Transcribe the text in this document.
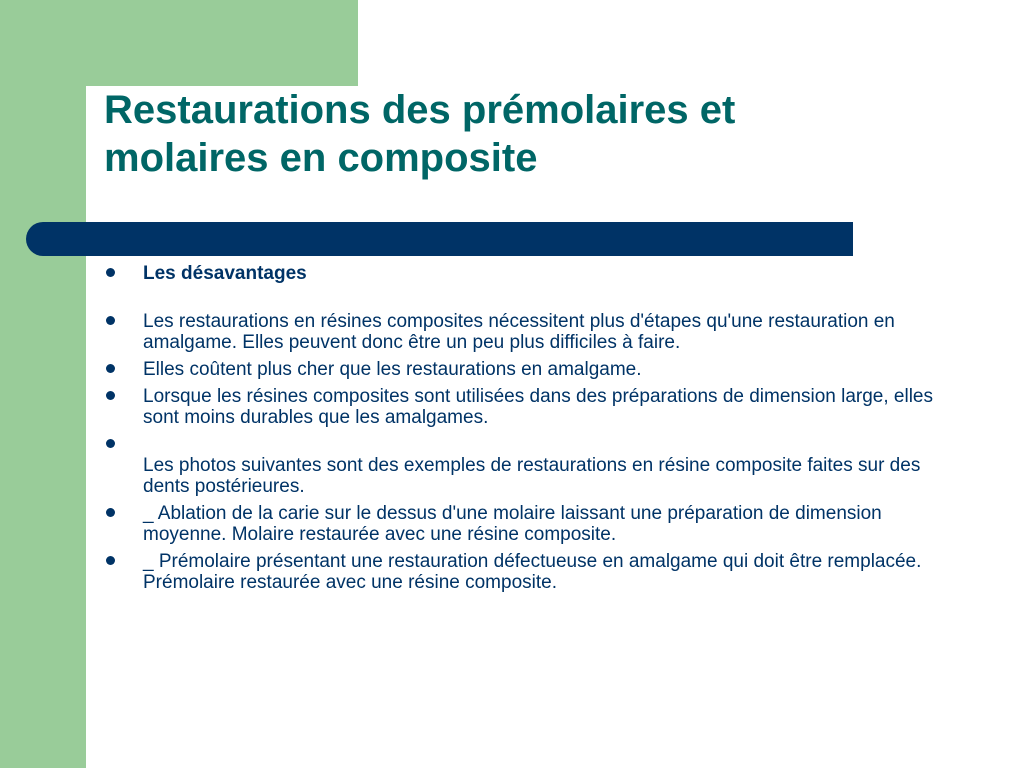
Restaurations des prémolaires et
molaires en composite
Les désavantages
Les restaurations en résines composites nécessitent plus d'étapes qu'une restauration en amalgame. Elles peuvent donc être un peu plus difficiles à faire.
Elles coûtent plus cher que les restaurations en amalgame.
Lorsque les résines composites sont utilisées dans des préparations de dimension large, elles sont moins durables que les amalgames.
Les photos suivantes sont des exemples de restaurations en résine composite faites sur des dents postérieures.
_ Ablation de la carie sur le dessus d'une molaire laissant une préparation de dimension moyenne. Molaire restaurée avec une résine composite.
_ Prémolaire présentant une restauration défectueuse en amalgame qui doit être remplacée. Prémolaire restaurée avec une résine composite.
